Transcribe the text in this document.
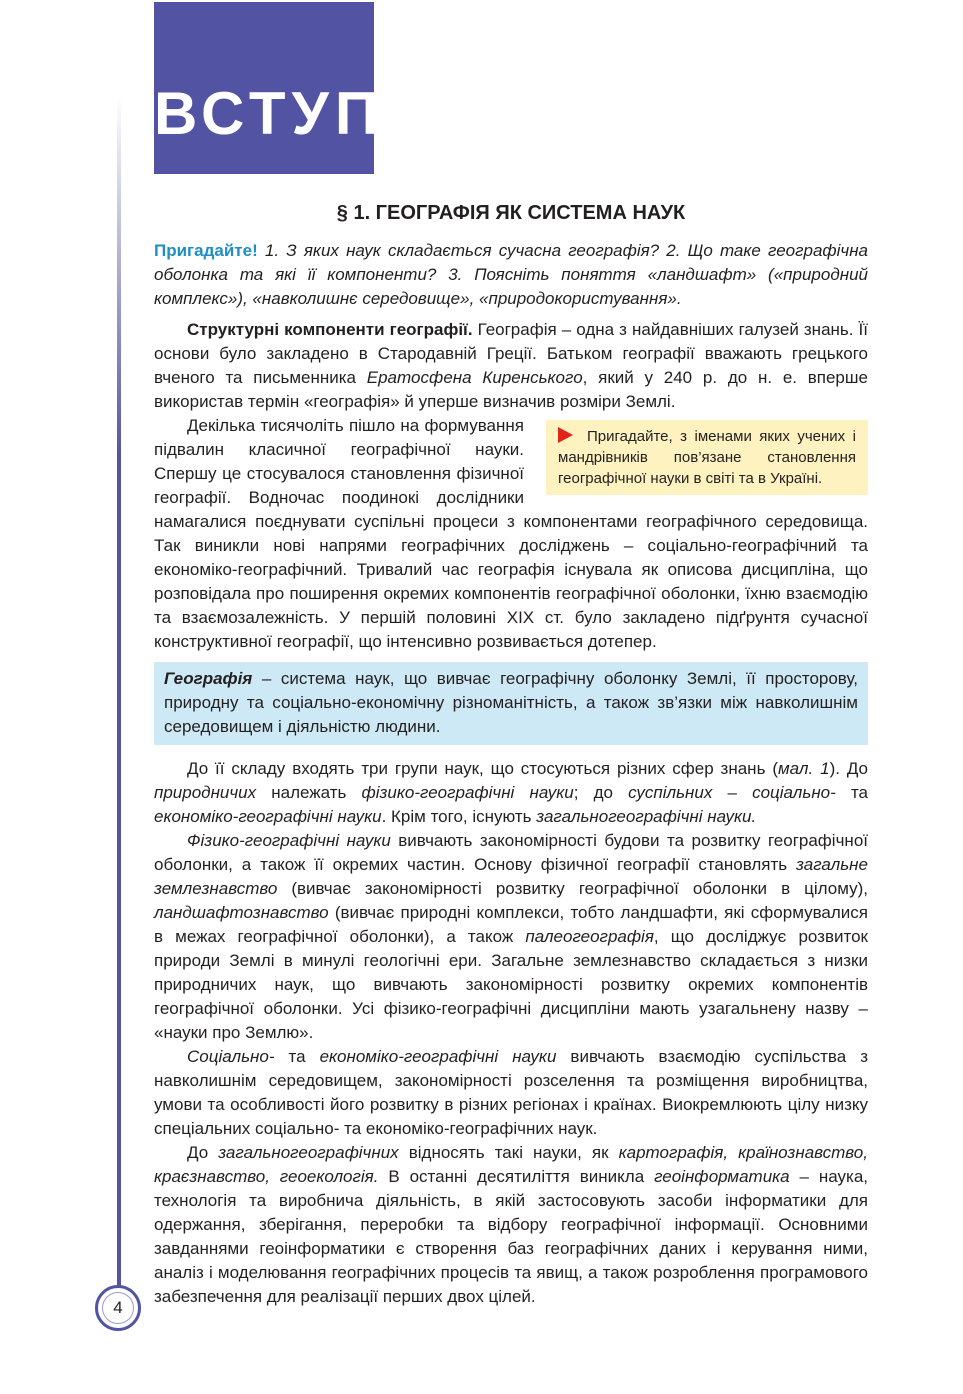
ВСТУП
§ 1. ГЕОГРАФІЯ ЯК СИСТЕМА НАУК

Пригадайте! 1. З яких наук складається сучасна географія? 2. Що таке географічна оболонка та які її компоненти? 3. Поясніть поняття «ландшафт» («природний комплекс»), «навколишнє середовище», «природокористування».

Структурні компоненти географії. Географія – одна з найдавніших галузей знань. Її основи було закладено в Стародавній Греції. Батьком географії вважають грецького вченого та письменника Ератосфена Киренського, який у 240 р. до н. е. вперше використав термін «географія» й уперше визначив розміри Землі.

Пригадайте, з іменами яких учених і мандрівників пов’язане становлення географічної науки в світі та в Україні.

Декілька тисячоліть пішло на формування підвалин класичної географічної науки. Спершу це стосувалося становлення фізичної географії. Водночас поодинокі дослідники намагалися поєднувати суспільні процеси з компонентами географічного середовища. Так виникли нові напрями географічних досліджень – соціально-географічний та економіко-географічний. Тривалий час географія існувала як описова дисципліна, що розповідала про поширення окремих компонентів географічної оболонки, їхню взаємодію та взаємозалежність. У першій половині XIX ст. було закладено підґрунтя сучасної конструктивної географії, що інтенсивно розвивається дотепер.

Географія – система наук, що вивчає географічну оболонку Землі, її просторову, природну та соціально-економічну різноманітність, а також зв’язки між навколишнім середовищем і діяльністю людини.

До її складу входять три групи наук, що стосуються різних сфер знань (мал. 1). До природничих належать фізико-географічні науки; до суспільних – соціально- та економіко-географічні науки. Крім того, існують загальногеографічні науки.

Фізико-географічні науки вивчають закономірності будови та розвитку географічної оболонки, а також її окремих частин. Основу фізичної географії становлять загальне землезнавство (вивчає закономірності розвитку географічної оболонки в цілому), ландшафтознавство (вивчає природні комплекси, тобто ландшафти, які сформувалися в межах географічної оболонки), а також палеогеографія, що досліджує розвиток природи Землі в минулі геологічні ери. Загальне землезнавство складається з низки природничих наук, що вивчають закономірності розвитку окремих компонентів географічної оболонки. Усі фізико-географічні дисципліни мають узагальнену назву – «науки про Землю».

Соціально- та економіко-географічні науки вивчають взаємодію суспільства з навколишнім середовищем, закономірності розселення та розміщення виробництва, умови та особливості його розвитку в різних регіонах і країнах. Виокремлюють цілу низку спеціальних соціально- та економіко-географічних наук.

До загальногеографічних відносять такі науки, як картографія, країнознавство, краєзнавство, геоекологія. В останні десятиліття виникла геоінформатика – наука, технологія та виробнича діяльність, в якій застосовують засоби інформатики для одержання, зберігання, переробки та відбору географічної інформації. Основними завданнями геоінформатики є створення баз географічних даних і керування ними, аналіз і моделювання географічних процесів та явищ, а також розроблення програмового забезпечення для реалізації перших двох цілей.

4
